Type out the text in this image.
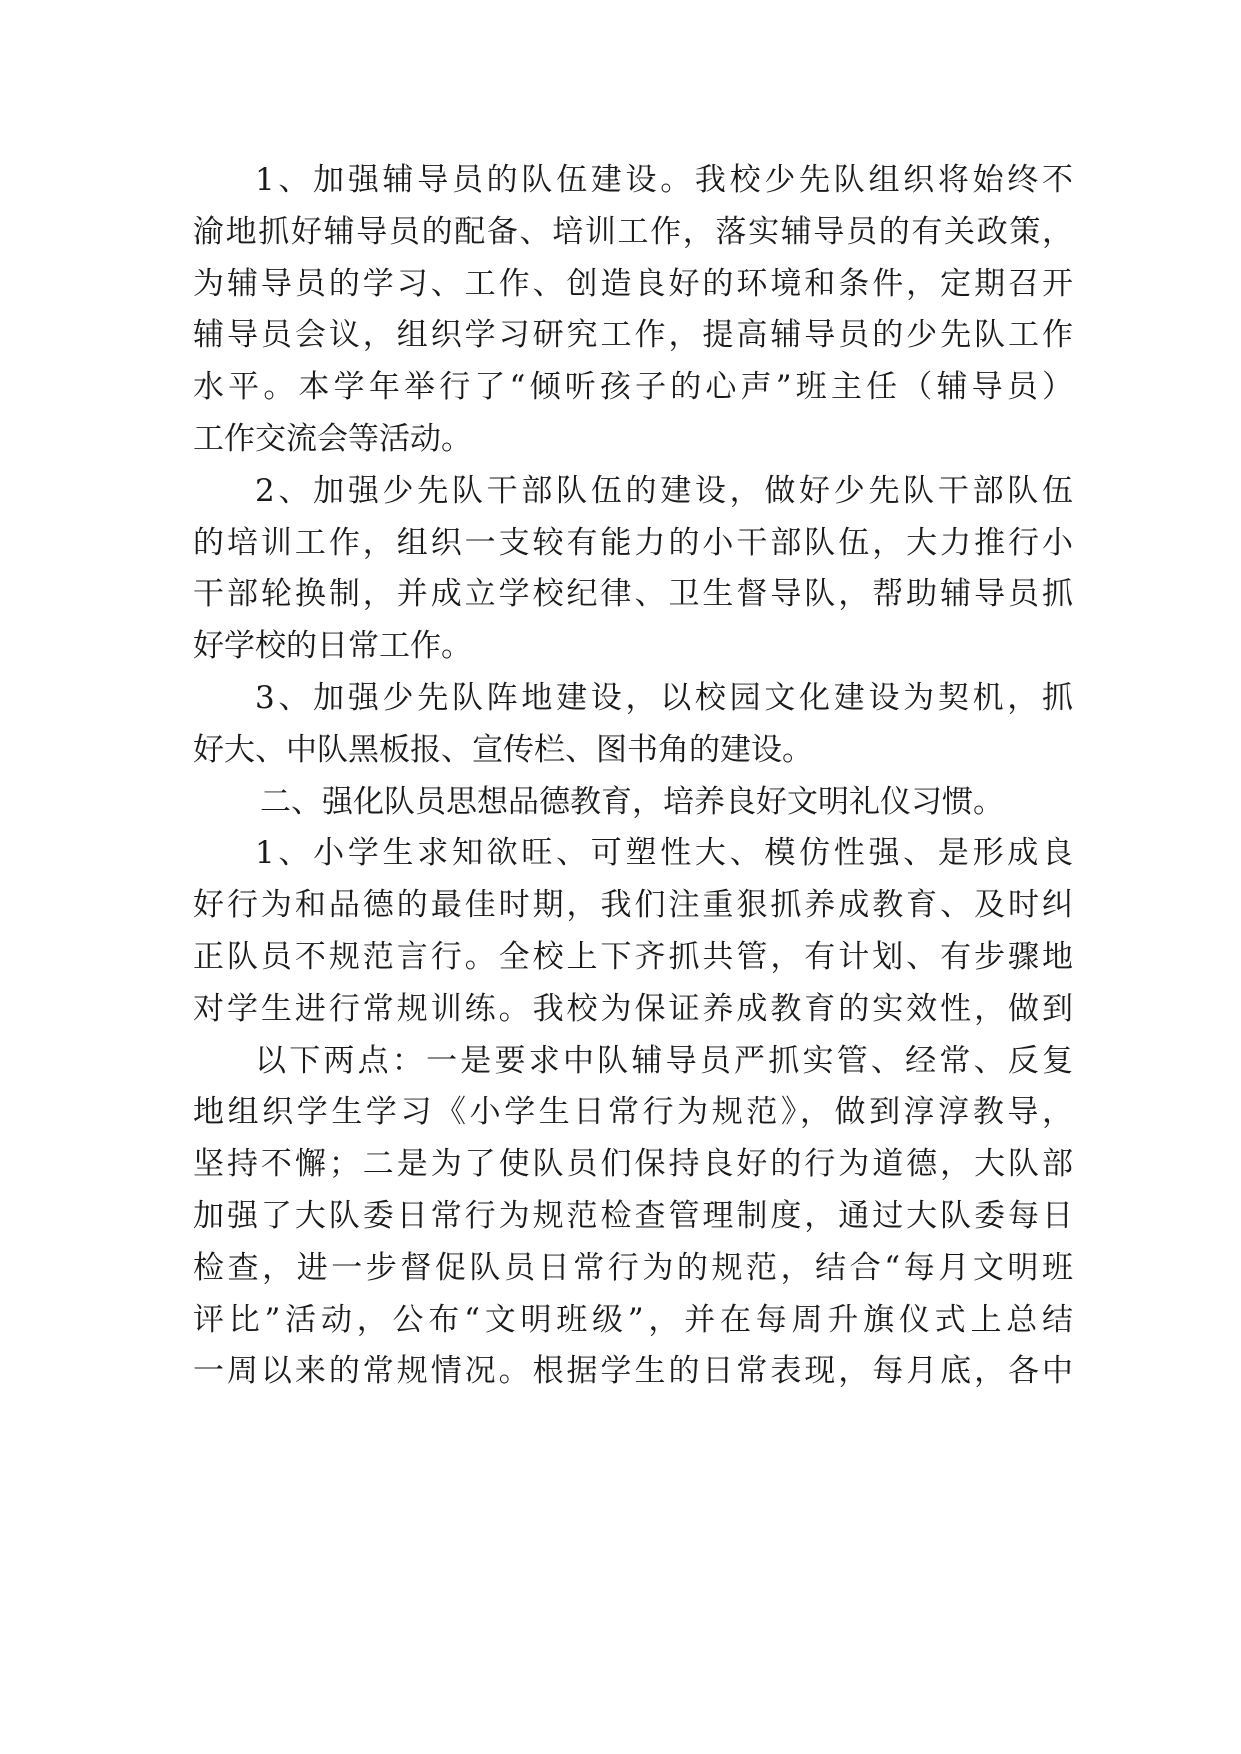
1、加强辅导员的队伍建设。我校少先队组织将始终不
渝地抓好辅导员的配备、培训工作，落实辅导员的有关政策，
为辅导员的学习、工作、创造良好的环境和条件，定期召开
辅导员会议，组织学习研究工作，提高辅导员的少先队工作
水平。本学年举行了“倾听孩子的心声”班主任（辅导员）
工作交流会等活动。
2、加强少先队干部队伍的建设，做好少先队干部队伍
的培训工作，组织一支较有能力的小干部队伍，大力推行小
干部轮换制，并成立学校纪律、卫生督导队，帮助辅导员抓
好学校的日常工作。
3、加强少先队阵地建设，以校园文化建设为契机，抓
好大、中队黑板报、宣传栏、图书角的建设。
二、强化队员思想品德教育，培养良好文明礼仪习惯。
1、小学生求知欲旺、可塑性大、模仿性强、是形成良
好行为和品德的最佳时期，我们注重狠抓养成教育、及时纠
正队员不规范言行。全校上下齐抓共管，有计划、有步骤地
对学生进行常规训练。我校为保证养成教育的实效性，做到
以下两点：一是要求中队辅导员严抓实管、经常、反复
地组织学生学习《小学生日常行为规范》，做到淳淳教导，
坚持不懈；二是为了使队员们保持良好的行为道德，大队部
加强了大队委日常行为规范检查管理制度，通过大队委每日
检查，进一步督促队员日常行为的规范，结合“每月文明班
评比”活动，公布“文明班级”，并在每周升旗仪式上总结
一周以来的常规情况。根据学生的日常表现，每月底，各中
